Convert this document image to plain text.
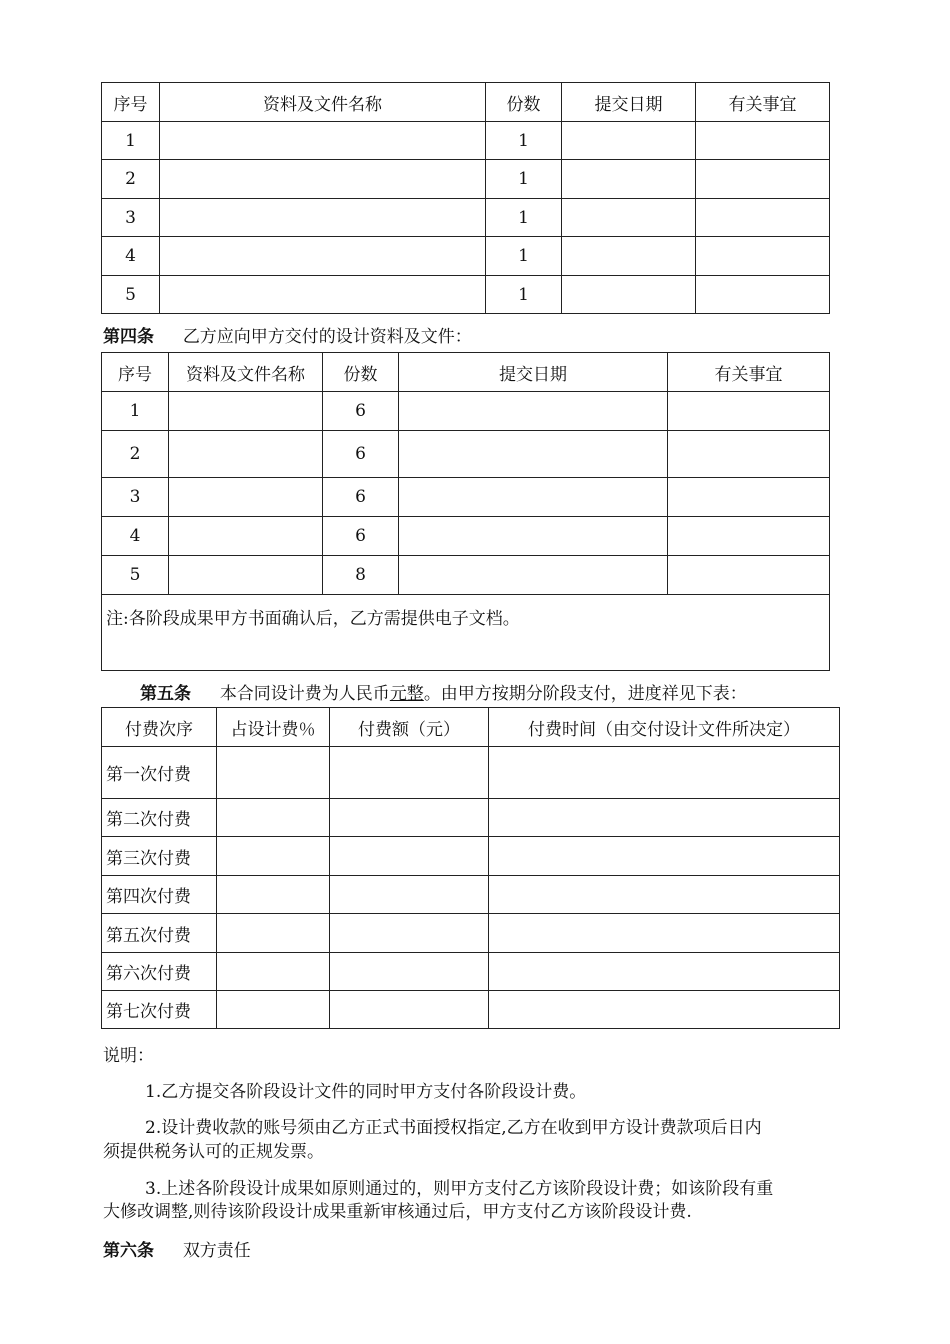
序号	资料及文件名称	份数	提交日期	有关事宜
1		1		
2		1		
3		1		
4		1		
5		1		
第四条 乙方应向甲方交付的设计资料及文件：
序号	资料及文件名称	份数	提交日期	有关事宜
1		6		
2		6		
3		6		
4		6		
5		8		
注:各阶段成果甲方书面确认后，乙方需提供电子文档。				
第五条 本合同设计费为人民币元整。由甲方按期分阶段支付，进度祥见下表：
付费次序	占设计费％	付费额（元）	付费时间（由交付设计文件所决定）
第一次付费			
第二次付费			
第三次付费			
第四次付费			
第五次付费			
第六次付费			
第七次付费			
说明：
1.乙方提交各阶段设计文件的同时甲方支付各阶段设计费。
2.设计费收款的账号须由乙方正式书面授权指定,乙方在收到甲方设计费款项后日内
须提供税务认可的正规发票。
3.上述各阶段设计成果如原则通过的，则甲方支付乙方该阶段设计费；如该阶段有重
大修改调整,则待该阶段设计成果重新审核通过后，甲方支付乙方该阶段设计费.
第六条 双方责任
